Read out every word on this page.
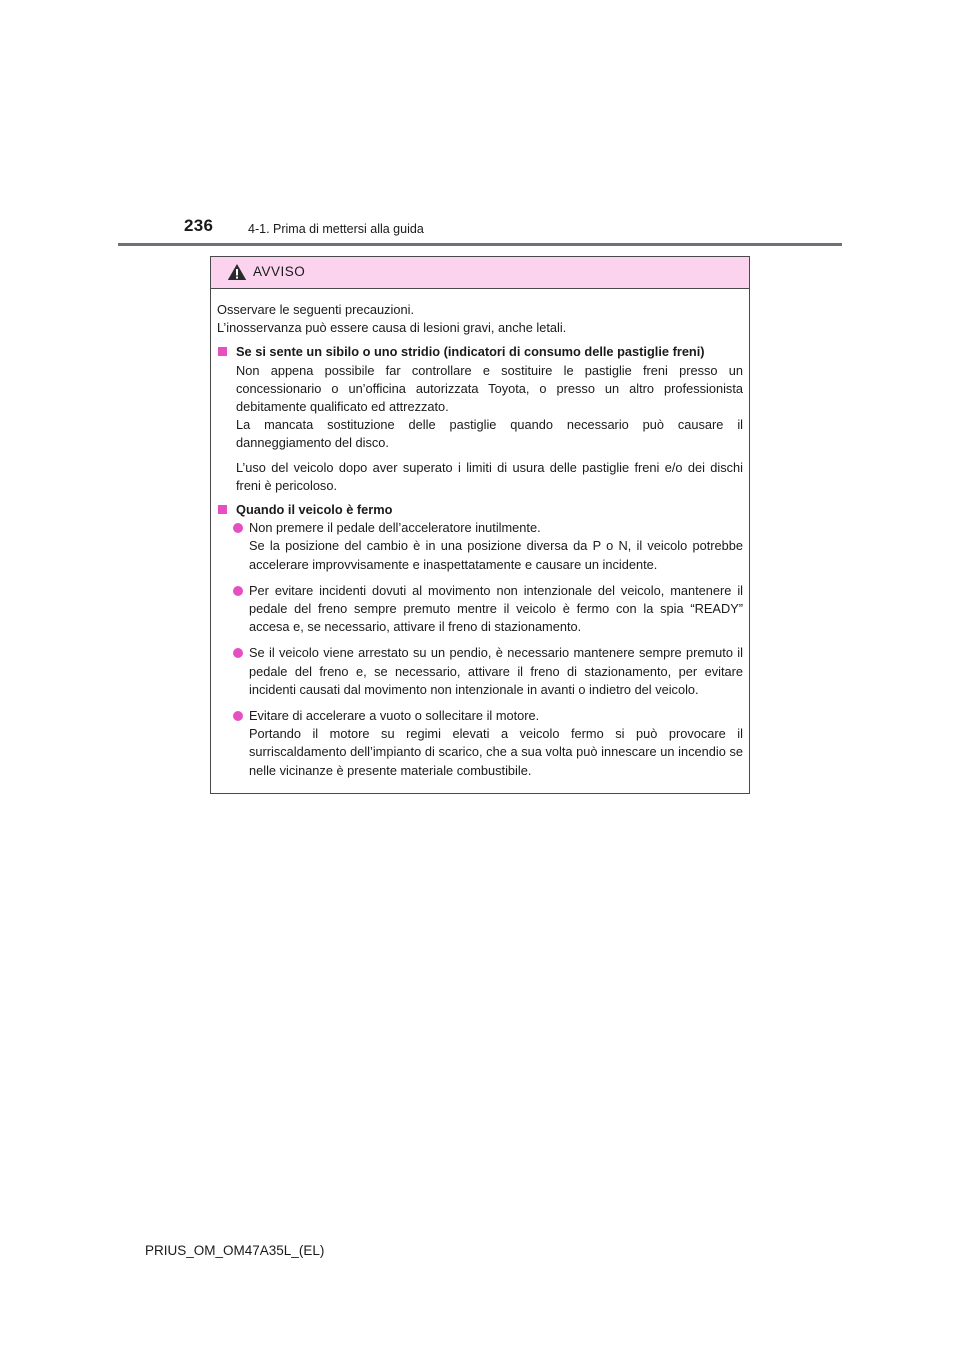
236	4-1. Prima di mettersi alla guida
AVVISO

Osservare le seguenti precauzioni.

L’inosservanza può essere causa di lesioni gravi, anche letali.

Se si sente un sibilo o uno stridio (indicatori di consumo delle pastiglie freni)

Non appena possibile far controllare e sostituire le pastiglie freni presso un concessionario o un’officina autorizzata Toyota, o presso un altro professionista debitamente qualificato ed attrezzato.

La mancata sostituzione delle pastiglie quando necessario può causare il danneggiamento del disco.

L’uso del veicolo dopo aver superato i limiti di usura delle pastiglie freni e/o dei dischi freni è pericoloso.

Quando il veicolo è fermo

Non premere il pedale dell’acceleratore inutilmente.

Se la posizione del cambio è in una posizione diversa da P o N, il veicolo potrebbe accelerare improvvisamente e inaspettatamente e causare un incidente.

Per evitare incidenti dovuti al movimento non intenzionale del veicolo, mantenere il pedale del freno sempre premuto mentre il veicolo è fermo con la spia “READY” accesa e, se necessario, attivare il freno di stazionamento.

Se il veicolo viene arrestato su un pendio, è necessario mantenere sempre premuto il pedale del freno e, se necessario, attivare il freno di stazionamento, per evitare incidenti causati dal movimento non intenzionale in avanti o indietro del veicolo.

Evitare di accelerare a vuoto o sollecitare il motore.

Portando il motore su regimi elevati a veicolo fermo si può provocare il surriscaldamento dell’impianto di scarico, che a sua volta può innescare un incendio se nelle vicinanze è presente materiale combustibile.

PRIUS_OM_OM47A35L_(EL)
